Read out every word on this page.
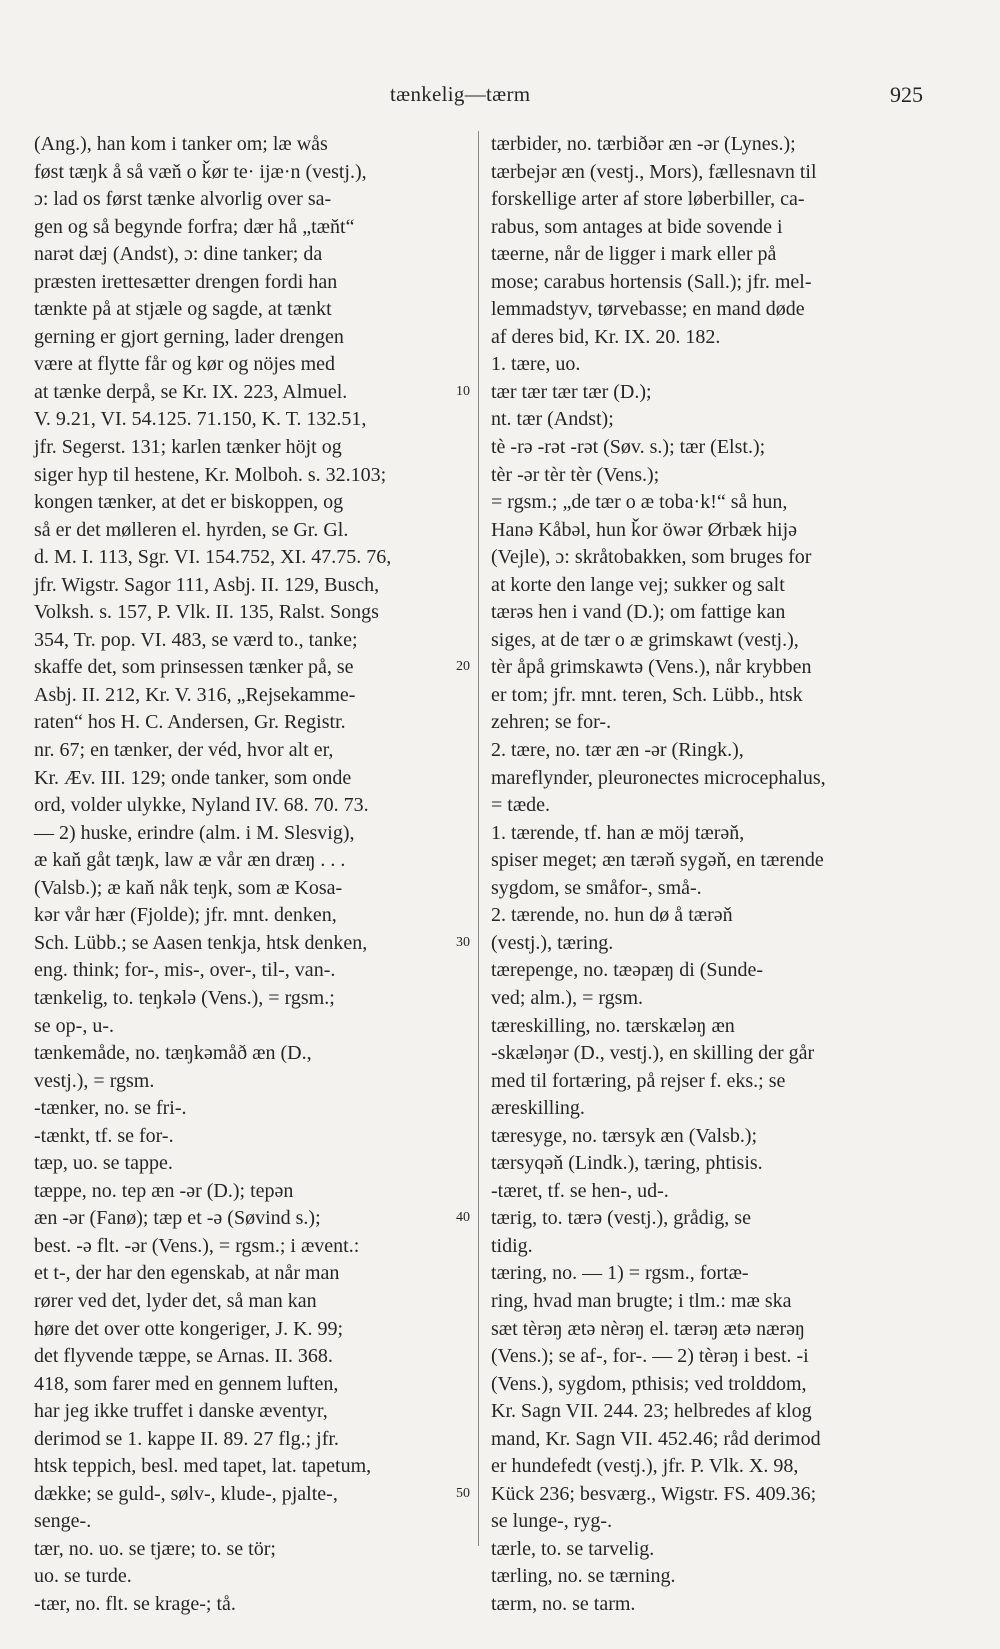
tænkelig—tærm	925
(Ang.), han kom i tanker om; læ wås
føst tæŋk å så væň o ǩør te· ijæ·n (vestj.),
ɔ: lad os først tænke alvorlig over sa-
gen og så begynde forfra; dær hå „tæňt“
narət dæj (Andst), ɔ: dine tanker; da
præsten irettesætter drengen fordi han
tænkte på at stjæle og sagde, at tænkt
gerning er gjort gerning, lader drengen
være at flytte får og kør og nöjes med
at tænke derpå, se Kr. IX. 223, Almuel.
V. 9.21, VI. 54.125. 71.150, K. T. 132.51,
jfr. Segerst. 131; karlen tænker höjt og
siger hyp til hestene, Kr. Molboh. s. 32.103;
kongen tænker, at det er biskoppen, og
så er det mølleren el. hyrden, se Gr. Gl.
d. M. I. 113, Sgr. VI. 154.752, XI. 47.75. 76,
jfr. Wigstr. Sagor 111, Asbj. II. 129, Busch,
Volksh. s. 157, P. Vlk. II. 135, Ralst. Songs
354, Tr. pop. VI. 483, se værd to., tanke;
skaffe det, som prinsessen tænker på, se
Asbj. II. 212, Kr. V. 316, „Rejsekamme-
raten“ hos H. C. Andersen, Gr. Registr.
nr. 67; en tænker, der véd, hvor alt er,
Kr. Æv. III. 129; onde tanker, som onde
ord, volder ulykke, Nyland IV. 68. 70. 73.
— 2) huske, erindre (alm. i M. Slesvig),
æ kaň gåt tæŋk, law æ vår æn dræŋ . . .
(Valsb.); æ kaň nåk teŋk, som æ Kosa-
kər vår hær (Fjolde); jfr. mnt. denken,
Sch. Lübb.; se Aasen tenkja, htsk denken,
eng. think; for-, mis-, over-, til-, van-.
tænkelig, to. teŋkələ (Vens.), = rgsm.;
se op-, u-.
tænkemåde, no. tæŋkəmåð æn (D.,
vestj.), = rgsm.
-tænker, no. se fri-.
-tænkt, tf. se for-.
tæp, uo. se tappe.
tæppe, no. tep æn -ər (D.); tepən
æn -ər (Fanø); tæp et -ə (Søvind s.);
best. -ə flt. -ər (Vens.), = rgsm.; i ævent.:
et t-, der har den egenskab, at når man
rører ved det, lyder det, så man kan
høre det over otte kongeriger, J. K. 99;
det flyvende tæppe, se Arnas. II. 368.
418, som farer med en gennem luften,
har jeg ikke truffet i danske æventyr,
derimod se 1. kappe II. 89. 27 flg.; jfr.
htsk teppich, besl. med tapet, lat. tapetum,
dække; se guld-, sølv-, klude-, pjalte-,
senge-.
tær, no. uo. se tjære; to. se tör;
uo. se turde.
-tær, no. flt. se krage-; tå.
10
20
30
40
50
tærbider, no. tærbiðər æn -ər (Lynes.);
tærbejər æn (vestj., Mors), fællesnavn til
forskellige arter af store løberbiller, ca-
rabus, som antages at bide sovende i
tæerne, når de ligger i mark eller på
mose; carabus hortensis (Sall.); jfr. mel-
lemmadstyv, tørvebasse; en mand døde
af deres bid, Kr. IX. 20. 182.
1. tære, uo.
tær tær tær tær (D.);
nt. tær (Andst);
tè -rə -rət -rət (Søv. s.); tær (Elst.);
tèr -ər tèr tèr (Vens.);
= rgsm.; „de tær o æ toba·k!“ så hun,
Hanə Kåbəl, hun ǩor öwər Ørbæk hijə
(Vejle), ɔ: skråtobakken, som bruges for
at korte den lange vej; sukker og salt
tærəs hen i vand (D.); om fattige kan
siges, at de tær o æ grimskawt (vestj.),
tèr åpå grimskawtə (Vens.), når krybben
er tom; jfr. mnt. teren, Sch. Lübb., htsk
zehren; se for-.
2. tære, no. tær æn -ər (Ringk.),
mareflynder, pleuronectes microcephalus,
= tæde.
1. tærende, tf. han æ möj tærəň,
spiser meget; æn tærəň sygəň, en tærende
sygdom, se småfor-, små-.
2. tærende, no. hun dø å tærəň
(vestj.), tæring.
tærepenge, no. tæəpæŋ di (Sunde-
ved; alm.), = rgsm.
tæreskilling, no. tærskæləŋ æn
-skæləŋər (D., vestj.), en skilling der går
med til fortæring, på rejser f. eks.; se
æreskilling.
tæresyge, no. tærsyk æn (Valsb.);
tærsyqəň (Lindk.), tæring, phtisis.
-tæret, tf. se hen-, ud-.
tærig, to. tærə (vestj.), grådig, se
tidig.
tæring, no. — 1) = rgsm., fortæ-
ring, hvad man brugte; i tlm.: mæ ska
sæt tèrəŋ ætə nèrəŋ el. tærəŋ ætə nærəŋ
(Vens.); se af-, for-. — 2) tèrəŋ i best. -i
(Vens.), sygdom, pthisis; ved trolddom,
Kr. Sagn VII. 244. 23; helbredes af klog
mand, Kr. Sagn VII. 452.46; råd derimod
er hundefedt (vestj.), jfr. P. Vlk. X. 98,
Kück 236; besværg., Wigstr. FS. 409.36;
se lunge-, ryg-.
tærle, to. se tarvelig.
tærling, no. se tærning.
tærm, no. se tarm.
